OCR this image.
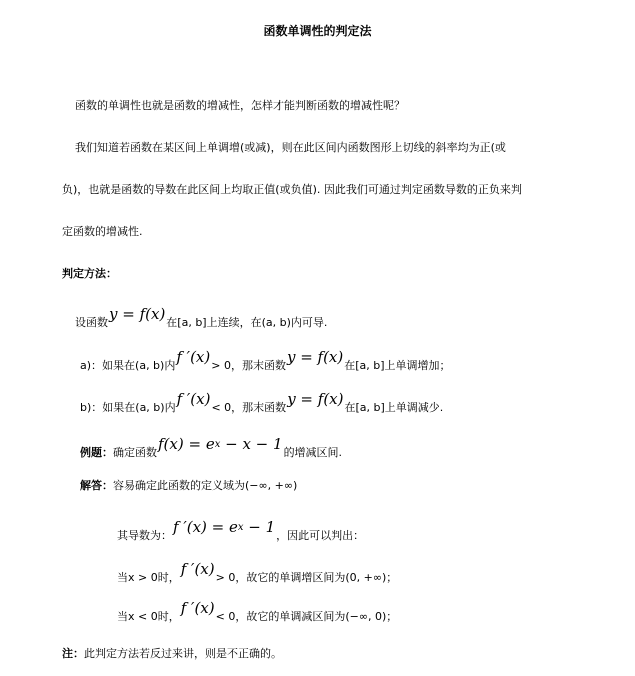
函数单调性的判定法
函数的单调性也就是函数的增减性，怎样才能判断函数的增减性呢？
我们知道若函数在某区间上单调增(或减)，则在此区间内函数图形上切线的斜率均为正(或
负)，也就是函数的导数在此区间上均取正值(或负值). 因此我们可通过判定函数导数的正负来判
定函数的增减性.
判定方法：
设函数y = f(x)在[a, b]上连续，在(a, b)内可导.
a)：如果在(a, b)内f ′(x)> 0，那末函数y = f(x)在[a, b]上单调增加；
b)：如果在(a, b)内f ′(x)< 0，那末函数y = f(x)在[a, b]上单调减少.
例题：确定函数$f(x) = e^x - x - 1$的增减区间.
解答：容易确定此函数的定义域为(−∞, +∞)
其导数为：f $'(x) = e^x - 1$，因此可以判出：
当x > 0时，f ′(x)> 0，故它的单调增区间为(0, +∞)；
当x < 0时，f ′(x)< 0，故它的单调减区间为(−∞, 0)；
注：此判定方法若反过来讲，则是不正确的。
